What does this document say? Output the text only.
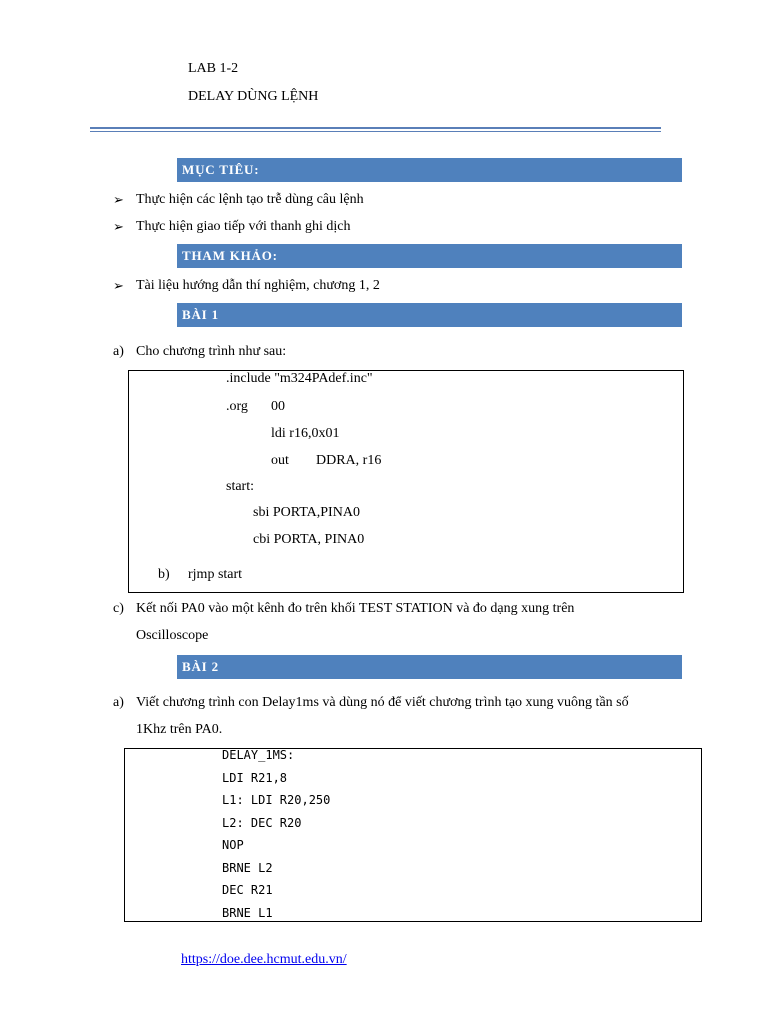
LAB 1-2
DELAY DÙNG LỆNH
MỤC TIÊU:
➢ Thực hiện các lệnh tạo trễ dùng câu lệnh
➢ Thực hiện giao tiếp với thanh ghi dịch
THAM KHẢO:
➢ Tài liệu hướng dẫn thí nghiệm, chương 1, 2
BÀI 1
a) Cho chương trình như sau:
.include "m324PAdef.inc"
.org 00
ldi r16,0x01
out DDRA, r16
start:
sbi PORTA,PINA0
cbi PORTA, PINA0
b) rjmp start
c) Kết nối PA0 vào một kênh đo trên khối TEST STATION và đo dạng xung trên
Oscilloscope
BÀI 2
a) Viết chương trình con Delay1ms và dùng nó để viết chương trình tạo xung vuông tần số
1Khz trên PA0.
DELAY_1MS:
LDI R21,8
L1: LDI R20,250
L2: DEC R20
NOP
BRNE L2
DEC R21
BRNE L1
https://doe.dee.hcmut.edu.vn/
